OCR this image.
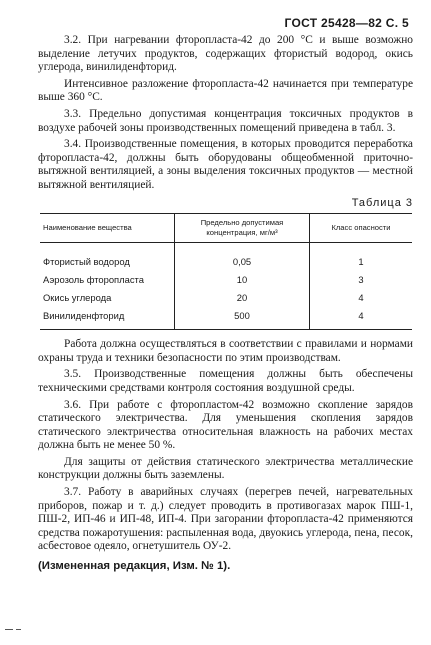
ГОСТ 25428—82 С. 5

3.2. При нагревании фторопласта-42 до 200 °С и выше возможно выделение летучих продуктов, содержащих фтористый водород, окись углерода, винилиденфторид.

Интенсивное разложение фторопласта-42 начинается при температуре выше 360 °С.

3.3. Предельно допустимая концентрация токсичных продуктов в воздухе рабочей зоны производственных помещений приведена в табл. 3.

3.4. Производственные помещения, в которых проводится переработка фторопласта-42, должны быть оборудованы общеобменной приточно-вытяжной вентиляцией, а зоны выделения токсичных продуктов — местной вытяжной вентиляцией.

Таблица 3
Наименование вещества	Предельно допустимая концентрация, мг/м³	Класс опасности
Фтористый водород	0,05	1
Аэрозоль фторопласта	10	3
Окись углерода	20	4
Винилиденфторид	500	4

Работа должна осуществляться в соответствии с правилами и нормами охраны труда и техники безопасности по этим производствам.

3.5. Производственные помещения должны быть обеспечены техническими средствами контроля состояния воздушной среды.

3.6. При работе с фторопластом-42 возможно скопление зарядов статического электричества. Для уменьшения скопления зарядов статического электричества относительная влажность на рабочих местах должна быть не менее 50 %.

Для защиты от действия статического электричества металлические конструкции должны быть заземлены.

3.7. Работу в аварийных случаях (перегрев печей, нагревательных приборов, пожар и т. д.) следует проводить в противогазах марок ПШ-1, ПШ-2, ИП-46 и ИП-48, ИП-4. При загорании фторопласта-42 применяются средства пожаротушения: распыленная вода, двуокись углерода, пена, песок, асбестовое одеяло, огнетушитель ОУ-2.

(Измененная редакция, Изм. № 1).
